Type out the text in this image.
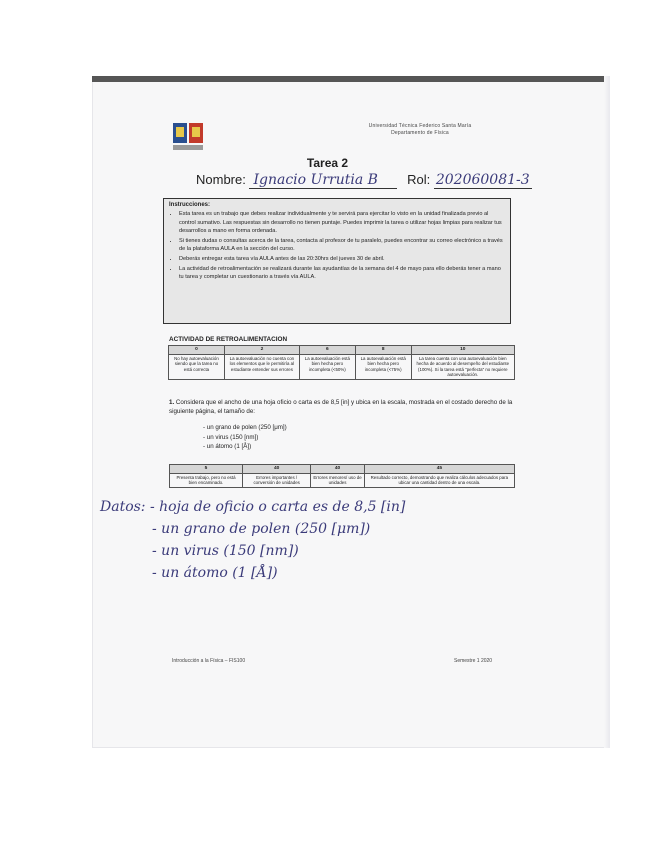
Universidad Técnica Federico Santa María
Departamento de Física
Tarea 2
Nombre: Ignacio Urrutia B Rol: 202060081-3
Instrucciones:
• Esta tarea es un trabajo que debes realizar individualmente y te servirá para ejercitar lo visto en la unidad finalizada previo al control sumativo. Las respuestas sin desarrollo no tienen puntaje. Puedes imprimir la tarea o utilizar hojas limpias para realizar tus desarrollos a mano en forma ordenada.
• Si tienes dudas o consultas acerca de la tarea, contacta al profesor de tu paralelo, puedes encontrar su correo electrónico a través de la plataforma AULA en la sección del curso.
• Deberás entregar esta tarea vía AULA antes de las 20:30hrs del jueves 30 de abril.
• La actividad de retroalimentación se realizará durante las ayudantías de la semana del 4 de mayo para ello deberás tener a mano tu tarea y completar un cuestionario a través vía AULA.
ACTIVIDAD DE RETROALIMENTACION
0	2	6	8	10
No hay autoevaluación siendo que la tarea no está correcta	La autoevaluación no cuenta con los elementos que le permitiría al estudiante entender sus errores	La autoevaluación está bien hecha pero incompleta (<50%)	La autoevaluación está bien hecha pero incompleta (<75%)	La tarea cuenta con una autoevaluación bien hecha de acuerdo al desempeño del estudiante (100%). Si la tarea está "perfecta" no requiere autoevaluación.
1. Considera que el ancho de una hoja oficio o carta es de 8,5 [in] y ubica en la escala, mostrada en el costado derecho de la siguiente página, el tamaño de:
- un grano de polen (250 [μm])
- un virus (150 [nm])
- un átomo (1 [Å])
5	40	40	45
Presenta trabajo, pero no está bien encaminado.	Errores importantes / conversión de unidades	Errores menores/ uso de unidades	Resultado correcto, demostrando que realiza cálculos adecuados para ubicar una cantidad dentro de una escala.
Datos: - hoja de oficio o carta es de 8,5 [in]
- un grano de polen (250 [μm])
- un virus (150 [nm])
- un átomo (1 [Å])
Introducción a la Física – FIS100	Semestre 1 2020
